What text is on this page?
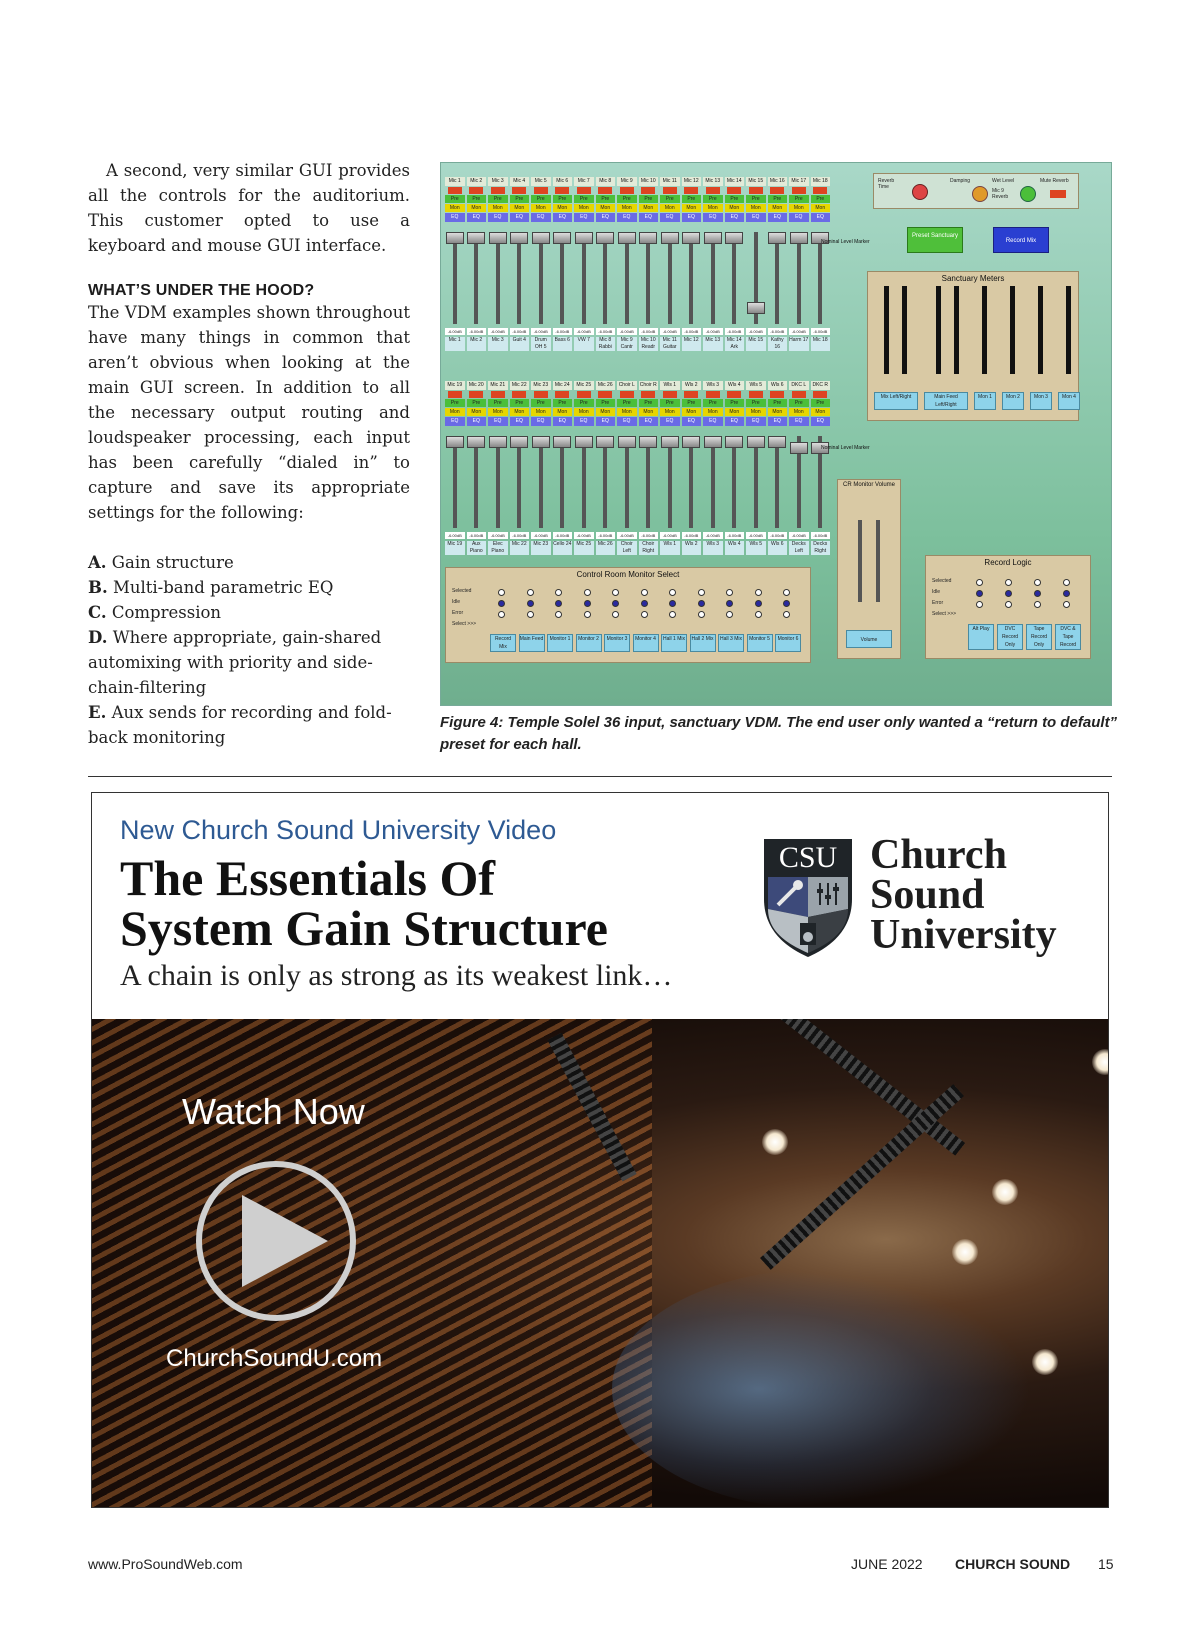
A second, very similar GUI provides all the controls for the auditorium. This customer opted to use a keyboard and mouse GUI interface.

WHAT’S UNDER THE HOOD?

The VDM examples shown throughout have many things in common that aren’t obvious when looking at the main GUI screen. In addition to all the necessary output routing and loudspeaker processing, each input has been carefully “dialed in” to capture and save its appropriate settings for the following:

A. Gain structure
B. Multi-band parametric EQ
C. Compression
D. Where appropriate, gain-shared automixing with priority and side-chain-filtering
E. Aux sends for recording and fold-back monitoring
Mic 1
Pre
Mon
EQ
-6.00dB
Mic 1
Mic 2
Pre
Mon
EQ
-6.00dB
Mic 2
Mic 3
Pre
Mon
EQ
-6.00dB
Mic 3
Mic 4
Pre
Mon
EQ
-6.00dB
Guit 4
Mic 5
Pre
Mon
EQ
-6.00dB
Drum OH 5
Mic 6
Pre
Mon
EQ
-6.00dB
Bass 6
Mic 7
Pre
Mon
EQ
-6.00dB
VW 7
Mic 8
Pre
Mon
EQ
-6.00dB
Mic 8 Rabbi
Mic 9
Pre
Mon
EQ
-6.00dB
Mic 9 Cantr
Mic 10
Pre
Mon
EQ
-6.00dB
Mic 10 Readr
Mic 11
Pre
Mon
EQ
-6.00dB
Mic 11 Guitar
Mic 12
Pre
Mon
EQ
-6.00dB
Mic 12
Mic 13
Pre
Mon
EQ
-6.00dB
Mic 13
Mic 14
Pre
Mon
EQ
-6.00dB
Mic 14 Ark
Mic 15
Pre
Mon
EQ
-6.00dB
Mic 15
Mic 16
Pre
Mon
EQ
-6.00dB
Kathy 16
Mic 17
Pre
Mon
EQ
-6.00dB
Harm 17
Mic 18
Pre
Mon
EQ
-6.00dB
Mic 18
Mic 19
Pre
Mon
EQ
-6.00dB
Mic 19
Mic 20
Pre
Mon
EQ
-6.00dB
Aux Piano
Mic 21
Pre
Mon
EQ
-6.00dB
Elec Piano
Mic 22
Pre
Mon
EQ
-6.00dB
Mic 22
Mic 23
Pre
Mon
EQ
-6.00dB
Mic 23
Mic 24
Pre
Mon
EQ
-6.00dB
Cello 24
Mic 25
Pre
Mon
EQ
-6.00dB
Mic 25
Mic 26
Pre
Mon
EQ
-6.00dB
Mic 26
Choir L
Pre
Mon
EQ
-6.00dB
Choir Left
Choir R
Pre
Mon
EQ
-6.00dB
Choir Right
Wls 1
Pre
Mon
EQ
-6.00dB
Wls 1
Wls 2
Pre
Mon
EQ
-6.00dB
Wls 2
Wls 3
Pre
Mon
EQ
-6.00dB
Wls 3
Wls 4
Pre
Mon
EQ
-6.00dB
Wls 4
Wls 5
Pre
Mon
EQ
-6.00dB
Wls 5
Wls 6
Pre
Mon
EQ
-6.00dB
Wls 6
DKC L
Pre
Mon
EQ
-6.00dB
Decks Left
DKC R
Pre
Mon
EQ
-6.00dB
Decks Right
Nominal Level Marker
Nominal Level Marker
Reverb Time
Damping	Wet Level
Mic 9 Reverb
Mute Reverb
Preset Sanctuary
Record Mix
Sanctuary Meters
Mix Left/Right	Main Feed Left/Right
Mon 1	Mon 2	Mon 3	Mon 4
CR Monitor Volume
Volume
Control Room Monitor Select
Selected
Idle
Error
Select >>>
Record Mix
Main Feed	Monitor 1	Monitor 2	Monitor 3	Monitor 4	Hall 1 Mix	Hall 2 Mix	Hall 3 Mix	Monitor 5	Monitor 6
Record Logic
Selected
Idle
Error
Select >>>
Alt Play	DVC Record Only
Tape Record Only
DVC & Tape Record
Figure 4: Temple Solel 36 input, sanctuary VDM. The end user only wanted a “return to default” preset for each hall.
New Church Sound University Video
The Essentials Of
System Gain Structure
A chain is only as strong as its weakest link…
CSU Church
Sound
University
Watch Now
ChurchSoundU.com
www.ProSoundWeb.com	JUNE 2022 CHURCH SOUND 15
